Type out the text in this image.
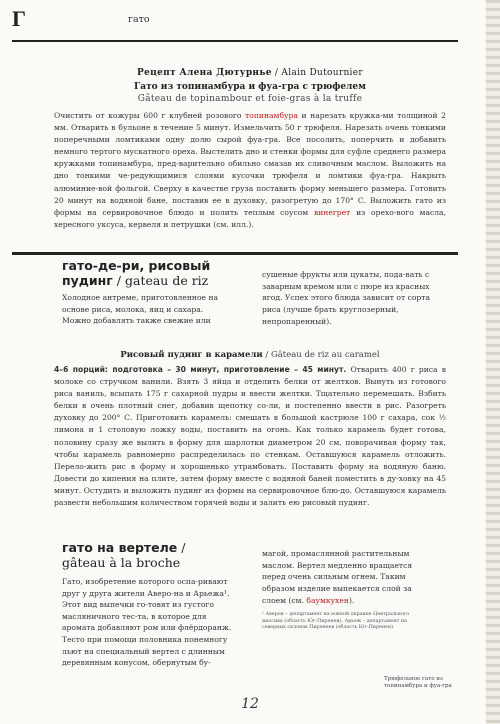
Г	гато
Рецепт Алена Дютурнье / Alain Dutournier
Гато из топинамбура и фуа-гра с трюфелем
Gâteau de topinambour et foie-gras à la truffe
Очистить от кожуры 600 г клубней розового топинамбура и нарезать кружка-ми толщиной 2 мм. Отварить в бульоне в течение 5 минут. Измельчить 50 г трюфеля. Нарезать очень тонкими поперечными ломтиками одну долю сырой фуа-гра. Все посолить, поперчить и добавить немного тертого мускатного ореха. Выстелить дно и стенки формы для суфле среднего размера кружками топинамбура, пред-варительно обильно смазав их сливочным маслом. Выложить на дно тонкими че-редующимися слоями кусочки трюфеля и ломтики фуа-гра. Накрыть алюминие-вой фольгой. Сверху в качестве груза поставить форму меньшего размера. Готовить 20 минут на водяной бане, поставив ее в духовку, разогретую до 170° С. Выложить гато из формы на сервировочное блюдо и полить теплым соусом винегрет из орехо-вого масла, хересного уксуса, кервеля и петрушки (см. илл.).
гато-де-ри, рисовый пудинг / gateau de riz
Холодное антреме, приготовленное на основе риса, молока, яиц и сахара. Можно добавлять также свежие или
сушеные фрукты или цукаты, пода-вать с заварным кремом или с пюре из красных ягод. Успех этого блюда зависит от сорта риса (лучше брать круглозерный, непропаренный).
Рисовый пудинг в карамели / Gâteau de riz au caramel
4–6 порций: подготовка – 30 минут, приготовление – 45 минут. Отварить 400 г риса в молоке со стручком ванили. Взять 3 яйца и отделить белки от желтков. Вынуть из готового риса ваниль, всыпать 175 г сахарной пудры и ввести желтки. Тщательно перемешать. Взбить белки в очень плотный снег, добавив щепотку со-ли, и постепенно ввести в рис. Разогреть духовку до 200° С. Приготовить карамель: смешать в большой кастрюле 100 г сахара, сок ½ лимона и 1 столовую ложку воды, поставить на огонь. Как только карамель будет готова, половину сразу же вылить в форму для шарлотки диаметром 20 см, поворачивая форму так, чтобы карамель равномерно распределилась по стенкам. Оставшуюся карамель отложить. Перело-жить рис в форму и хорошенько утрамбовать. Поставить форму на водяную баню. Довести до кипения на плите, затем форму вместе с водяной баней поместить в ду-ховку на 45 минут. Остудить и выложить пудинг из формы на сервировочное блю-до. Оставшуюся карамель развести небольшим количеством горячей воды и залить ею рисовый пудинг.
гато на вертеле /
gâteau à la broche
Гато, изобретение которого оспа-ривают друг у друга жители Аверо-на и Арьежа¹. Этот вид выпечки го-товят из густого масляничного тес-та, в которое для аромата добавляют ром или флёрдоранж. Тесто при помощи половника понемногу льют на специальный вертел с длинным деревянным конусом, обернутым бу-
магой, промаслянной растительным маслом. Вертел медленно вращается перед очень сильным огнем. Таким образом изделие выпекается слой за слоем (см. баумкухен).
¹ Аверон – департамент на южной окраине Центрального массива (область Юг-Пиренеи). Арьеж – департамент на северных склонах Пиренеев (область Юг-Пиренеи).
Трюфельное гато из топинамбура и фуа-гра
12
